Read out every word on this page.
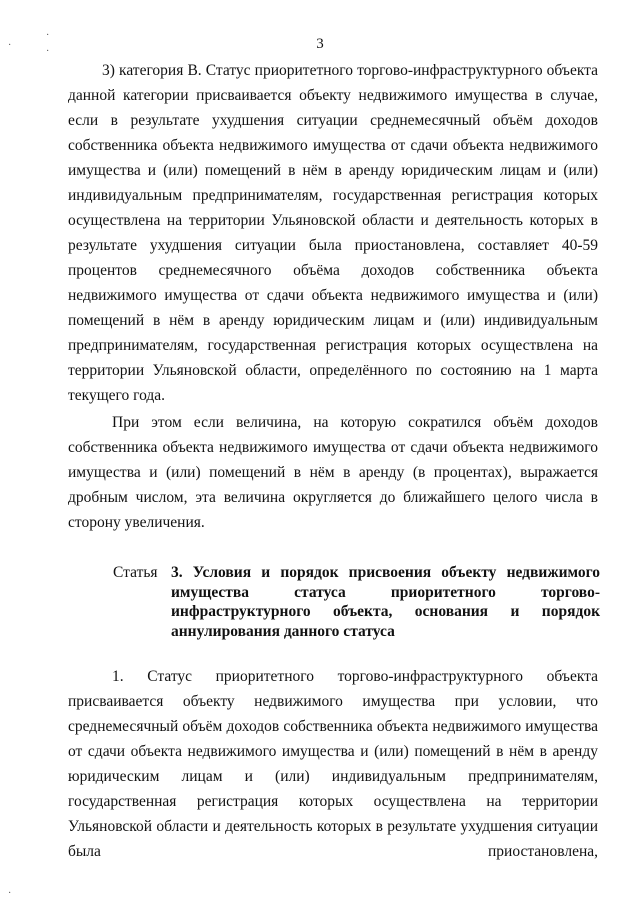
3
3) категория В. Статус приоритетного торгово-инфраструктурного объекта данной категории присваивается объекту недвижимого имущества в случае, если в результате ухудшения ситуации среднемесячный объём доходов собственника объекта недвижимого имущества от сдачи объекта недвижимого имущества и (или) помещений в нём в аренду юридическим лицам и (или) индивидуальным предпринимателям, государственная регистрация которых осуществлена на территории Ульяновской области и деятельность которых в результате ухудшения ситуации была приостановлена, составляет 40-59 процентов среднемесячного объёма доходов собственника объекта недвижимого имущества от сдачи объекта недвижимого имущества и (или) помещений в нём в аренду юридическим лицам и (или) индивидуальным предпринимателям, государственная регистрация которых осуществлена на территории Ульяновской области, определённого по состоянию на 1 марта текущего года.
При этом если величина, на которую сократился объём доходов собственника объекта недвижимого имущества от сдачи объекта недвижимого имущества и (или) помещений в нём в аренду (в процентах), выражается дробным числом, эта величина округляется до ближайшего целого числа в сторону увеличения.
Статья 3. Условия и порядок присвоения объекту недвижимого имущества статуса приоритетного торгово-инфраструктурного объекта, основания и порядок аннулирования данного статуса
1. Статус приоритетного торгово-инфраструктурного объекта присваивается объекту недвижимого имущества при условии, что среднемесячный объём доходов собственника объекта недвижимого имущества от сдачи объекта недвижимого имущества и (или) помещений в нём в аренду юридическим лицам и (или) индивидуальным предпринимателям, государственная регистрация которых осуществлена на территории Ульяновской области и деятельность которых в результате ухудшения ситуации была приостановлена,
·
·
·
·
